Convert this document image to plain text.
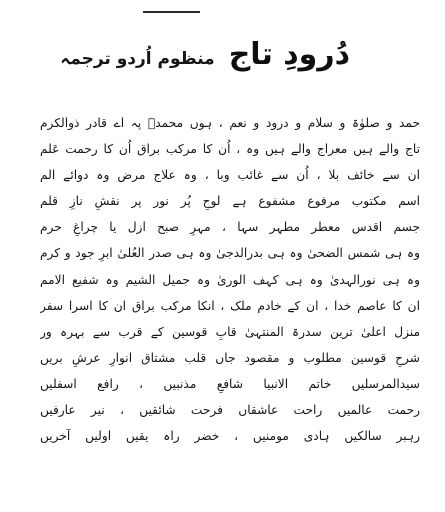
دُرودِ تاج
منظوم اُردو ترجمہ
حمد و صلوٰۃ و سلام و درود و نعم ، ہوں محمدؐ پہ اے قادر ذوالکرم
تاج والے ہیں معراج والے ہیں وہ ، اُن کا مرکب براق اُن کا رحمت عَلم
ان سے خائف بلا ، اُن سے غائب وبا ، وہ علاج مرض وہ دوائے الم
اسم مکتوب مرفوع مشفوع ہے لوحِ پُر نور پر نقشِ نازِ قلم
جسم اقدس معطر مطہر سہا ، مہرِ صبح ازل یا چراغِ حرم
وہ ہی شمس الضحیٰ وہ ہی بدرالدجیٰ وہ ہی صدر العُلیٰ ابرِ جود و کرم
وہ ہی نورالہدیٰ وہ ہی کہف الوریٰ وہ جمیل الشیم وہ شفیع الامم
ان کا عاصم خدا ، ان کے خادم ملک ، انکا مرکب براق ان کا اسرا سفر
منزل اعلیٰ ترین سدرۃ المنتہیٰ قابِ قوسین کے قرب سے بہرہ ور
شرحِ قوسین مطلوب و مقصود جاں قلب مشتاق انوارِ عرشِ بریں
سیدالمرسلیں خاتم الانبیا شافعِ مذنبیں ، رافع اسفلیں
رحمت عالمیں راحت عاشقاں فرحت شائقیں ، نیر عارفیں
رہبر سالکیں ہادی مومنیں ، خضر راہ یقیں اولیں آخریں
